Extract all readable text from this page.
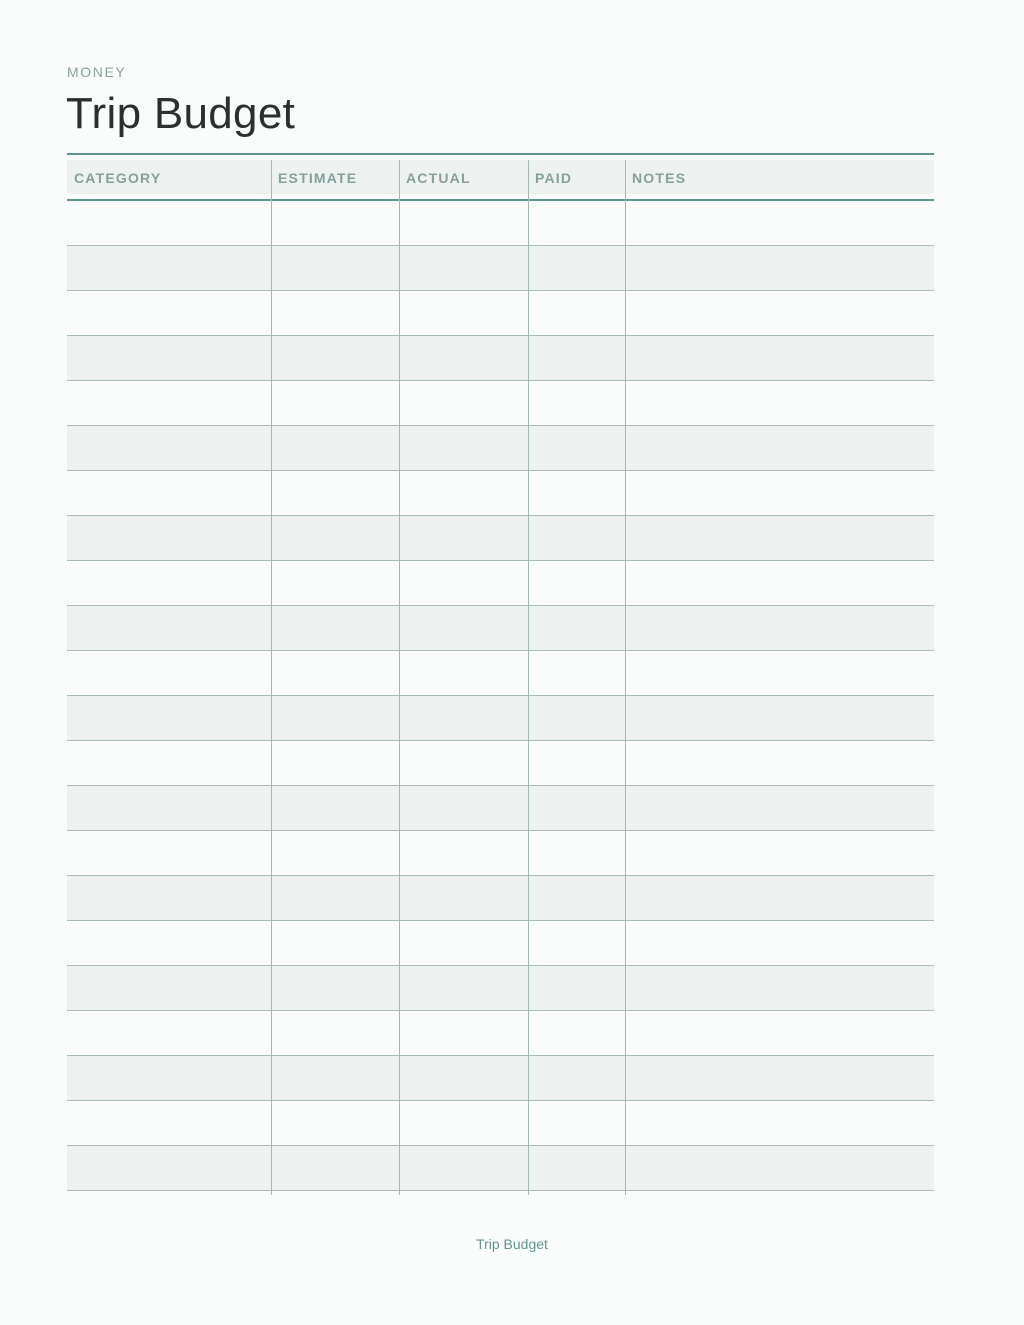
MONEY
Trip Budget
CATEGORY	ESTIMATE	ACTUAL	PAID	NOTES
Trip Budget
